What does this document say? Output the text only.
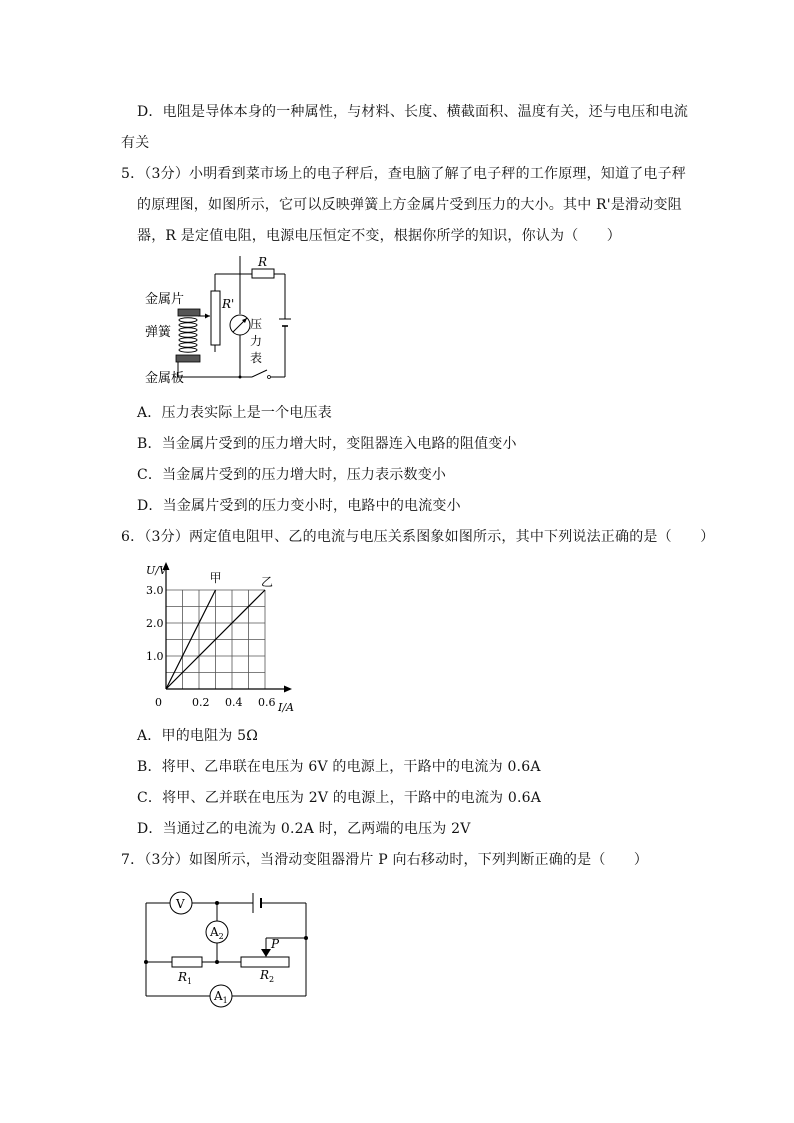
D．电阻是导体本身的一种属性，与材料、长度、横截面积、温度有关，还与电压和电流
有关
5．（3分）小明看到菜市场上的电子秤后，查电脑了解了电子秤的工作原理，知道了电子秤
的原理图，如图所示，它可以反映弹簧上方金属片受到压力的大小。其中 R'是滑动变阻
器，R 是定值电阻，电源电压恒定不变，根据你所学的知识，你认为（　　）
R
R'
金属片
弹簧
金属板
压
力
表
A．压力表实际上是一个电压表
B．当金属片受到的压力增大时，变阻器连入电路的阻值变小
C．当金属片受到的压力增大时，压力表示数变小
D．当金属片受到的压力变小时，电路中的电流变小
6．（3分）两定值电阻甲、乙的电流与电压关系图象如图所示，其中下列说法正确的是（　　）
甲	乙
U/V
I/A
1.0
2.0
3.0
0	0.2 0.4 0.6
A．甲的电阻为 5Ω
B．将甲、乙串联在电压为 6V 的电源上，干路中的电流为 0.6A
C．将甲、乙并联在电压为 2V 的电源上，干路中的电流为 0.6A
D．当通过乙的电流为 0.2A 时，乙两端的电压为 2V
7．（3分）如图所示，当滑动变阻器滑片 P 向右移动时，下列判断正确的是（　　）
V
$A_2$
$A_1$
P
$R_1$	$R_2$
